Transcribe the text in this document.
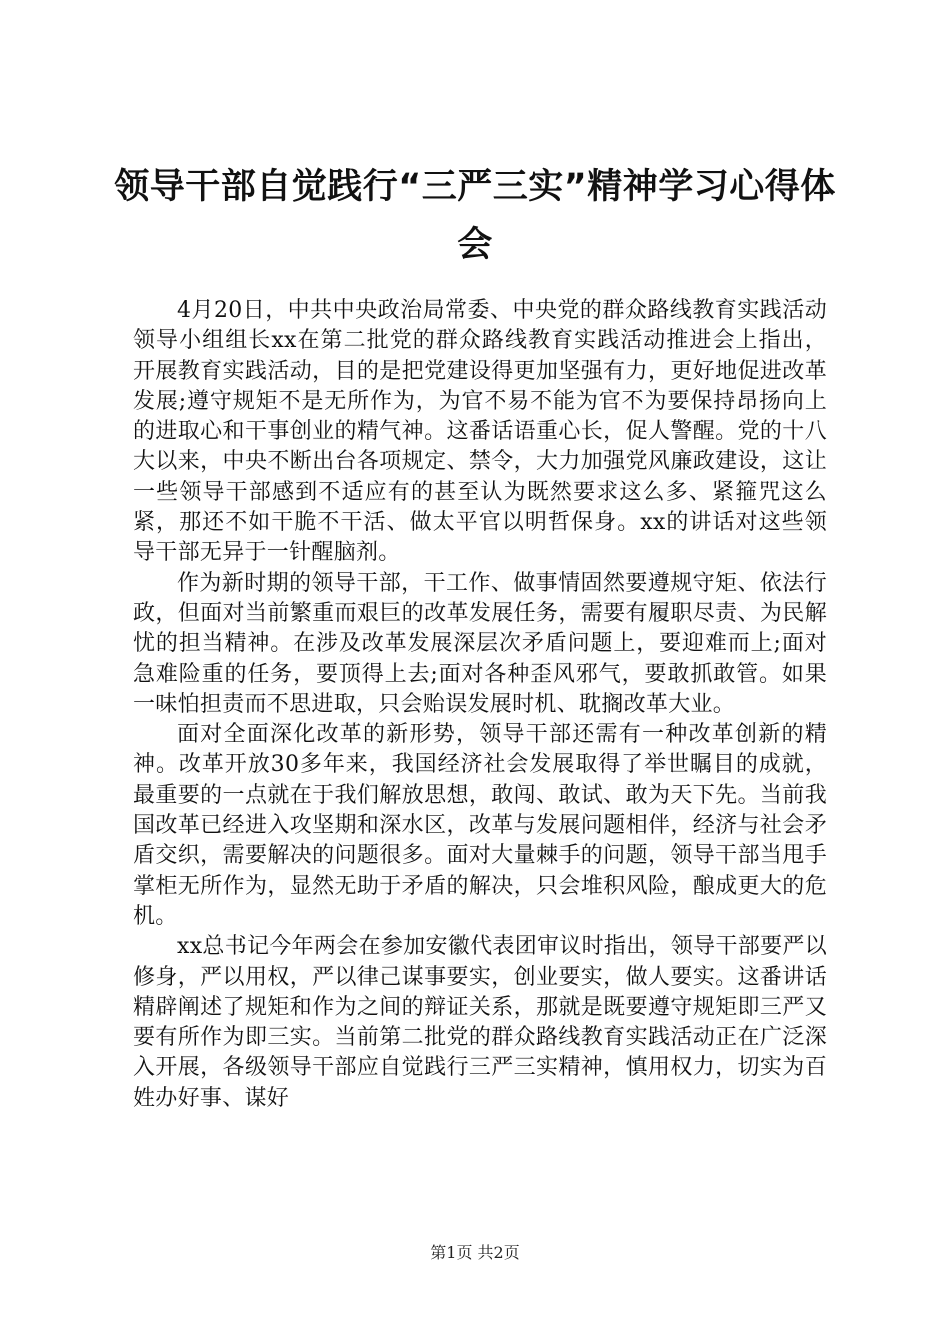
领导干部自觉践行“三严三实”精神学习心得体会

4月20日，中共中央政治局常委、中央党的群众路线教育实践活动领导小组组长xx在第二批党的群众路线教育实践活动推进会上指出，开展教育实践活动，目的是把党建设得更加坚强有力，更好地促进改革发展;遵守规矩不是无所作为，为官不易不能为官不为要保持昂扬向上的进取心和干事创业的精气神。这番话语重心长，促人警醒。党的十八大以来，中央不断出台各项规定、禁令，大力加强党风廉政建设，这让一些领导干部感到不适应有的甚至认为既然要求这么多、紧箍咒这么紧，那还不如干脆不干活、做太平官以明哲保身。xx的讲话对这些领导干部无异于一针醒脑剂。

作为新时期的领导干部，干工作、做事情固然要遵规守矩、依法行政，但面对当前繁重而艰巨的改革发展任务，需要有履职尽责、为民解忧的担当精神。在涉及改革发展深层次矛盾问题上，要迎难而上;面对急难险重的任务，要顶得上去;面对各种歪风邪气，要敢抓敢管。如果一味怕担责而不思进取，只会贻误发展时机、耽搁改革大业。

面对全面深化改革的新形势，领导干部还需有一种改革创新的精神。改革开放30多年来，我国经济社会发展取得了举世瞩目的成就，最重要的一点就在于我们解放思想，敢闯、敢试、敢为天下先。当前我国改革已经进入攻坚期和深水区，改革与发展问题相伴，经济与社会矛盾交织，需要解决的问题很多。面对大量棘手的问题，领导干部当甩手掌柜无所作为，显然无助于矛盾的解决，只会堆积风险，酿成更大的危机。

xx总书记今年两会在参加安徽代表团审议时指出，领导干部要严以修身，严以用权，严以律己谋事要实，创业要实，做人要实。这番讲话精辟阐述了规矩和作为之间的辩证关系，那就是既要遵守规矩即三严又要有所作为即三实。当前第二批党的群众路线教育实践活动正在广泛深入开展，各级领导干部应自觉践行三严三实精神，慎用权力，切实为百姓办好事、谋好

第1页 共2页
